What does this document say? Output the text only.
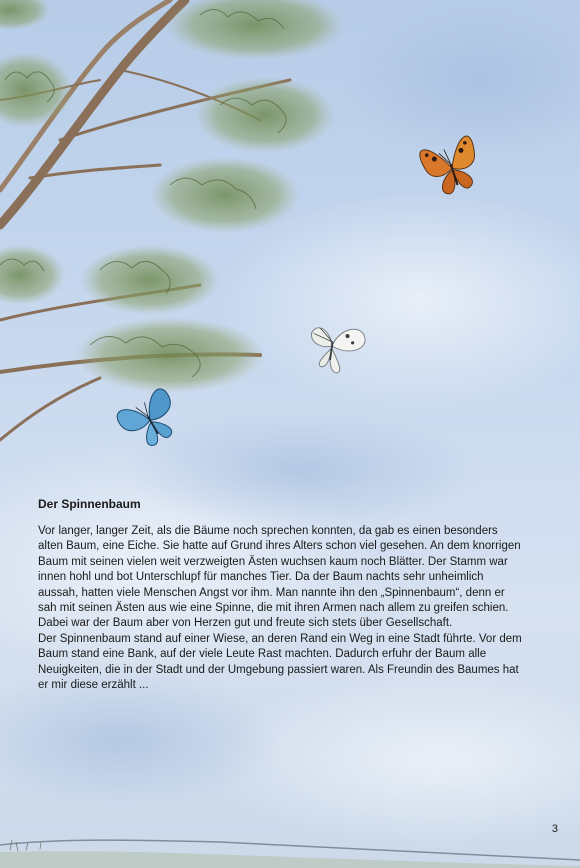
Der Spinnenbaum

Vor langer, langer Zeit, als die Bäume noch sprechen konnten, da gab es einen besonders
alten Baum, eine Eiche. Sie hatte auf Grund ihres Alters schon viel gesehen. An dem knorrigen
Baum mit seinen vielen weit verzweigten Ästen wuchsen kaum noch Blätter. Der Stamm war
innen hohl und bot Unterschlupf für manches Tier. Da der Baum nachts sehr unheimlich
aussah, hatten viele Menschen Angst vor ihm. Man nannte ihn den „Spinnenbaum“, denn er
sah mit seinen Ästen aus wie eine Spinne, die mit ihren Armen nach allem zu greifen schien.
Dabei war der Baum aber von Herzen gut und freute sich stets über Gesellschaft.
Der Spinnenbaum stand auf einer Wiese, an deren Rand ein Weg in eine Stadt führte. Vor dem
Baum stand eine Bank, auf der viele Leute Rast machten. Dadurch erfuhr der Baum alle
Neuigkeiten, die in der Stadt und der Umgebung passiert waren. Als Freundin des Baumes hat
er mir diese erzählt ...

3
